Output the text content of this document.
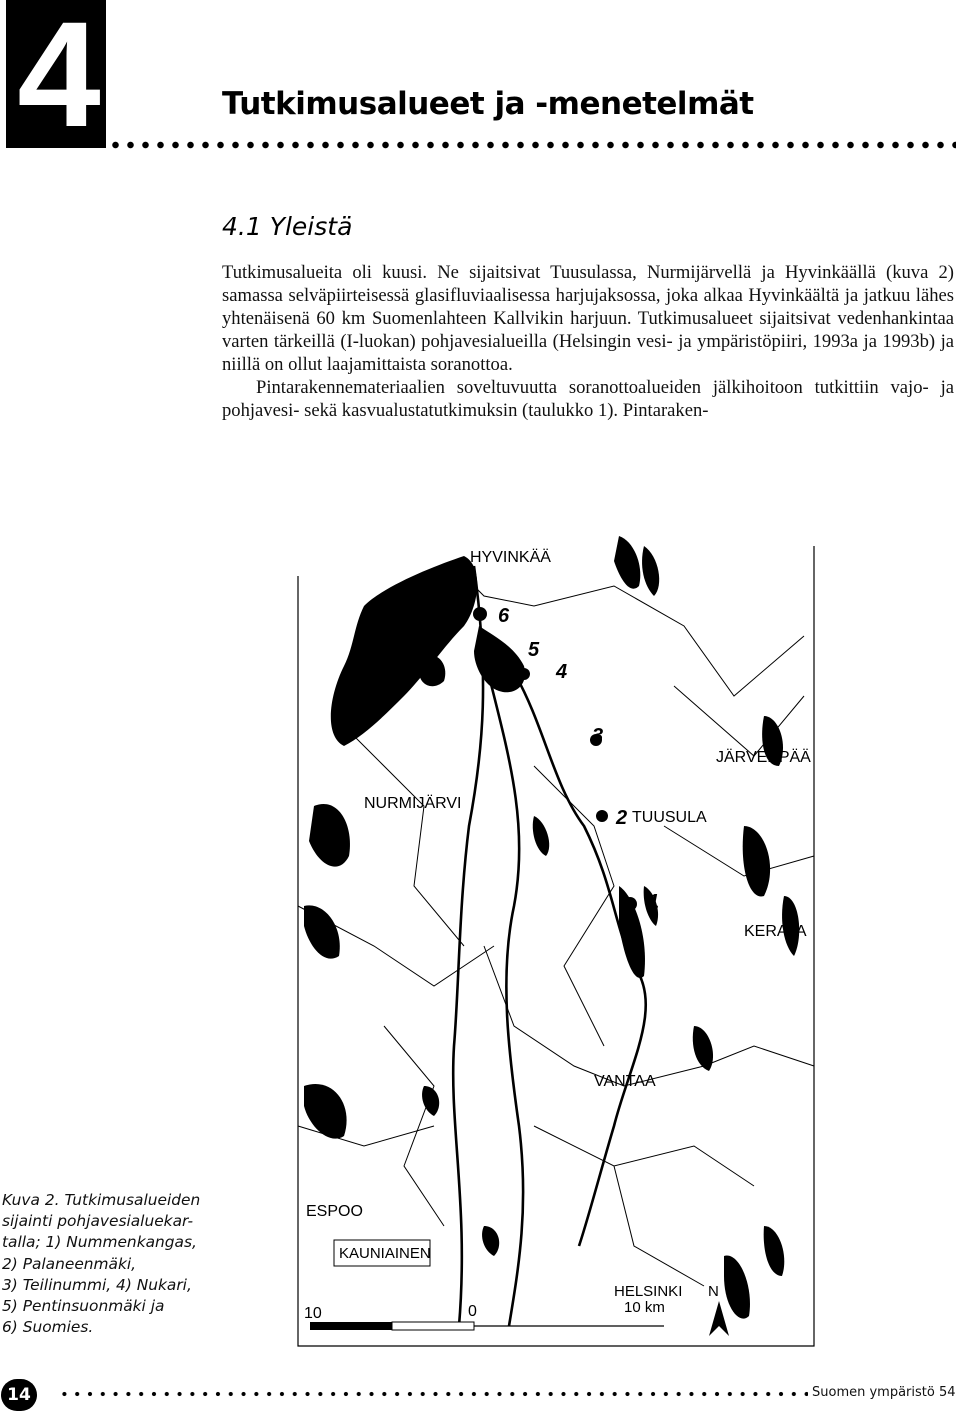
4	Tutkimusalueet ja -menetelmät
4.1 Yleistä

Tutkimusalueita oli kuusi. Ne sijaitsivat Tuusulassa, Nurmijärvellä ja Hyvinkäällä (kuva 2) samassa selväpiirteisessä glasifluviaalisessa harjujaksossa, joka alkaa Hyvinkäältä ja jatkuu lähes yhtenäisenä 60 km Suomenlahteen Kallvikin harjuun. Tutkimusalueet sijaitsivat vedenhankintaa varten tärkeillä (I-luokan) pohjavesialueilla (Helsingin vesi- ja ympäristöpiiri, 1993a ja 1993b) ja niillä on ollut laajamittaista soranottoa.

Pintarakennemateriaalien soveltuvuutta soranottoalueiden jälkihoitoon tutkittiin vajo- ja pohjavesi- sekä kasvualustatutkimuksin (taulukko 1). Pintaraken-

6
5
4
3
2
1
HYVINKÄÄ
NURMIJÄRVI
TUUSULA
JÄRVENPÄÄ
KERAVA
VANTAA
ESPOO
KAUNIAINEN
HELSINKI
10	0	10 km
N
Kuva 2. Tutkimusalueiden
sijainti pohjavesialuekar-
talla; 1) Nummenkangas,
2) Palaneenmäki,
3) Teilinummi, 4) Nukari,
5) Pentinsuonmäki ja
6) Suomies.
14	Suomen ympäristö 54
